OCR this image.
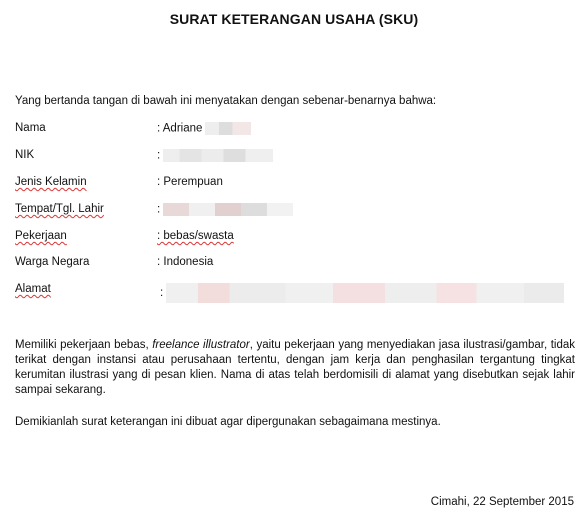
SURAT KETERANGAN USAHA (SKU)
Yang bertanda tangan di bawah ini menyatakan dengan sebenar-benarnya bahwa:
Nama	: Adriane
NIK	:
Jenis Kelamin	: Perempuan
Tempat/Tgl. Lahir	:
Pekerjaan	: bebas/swasta
Warga Negara	: Indonesia
Alamat	:
Memiliki pekerjaan bebas, freelance illustrator, yaitu pekerjaan yang menyediakan jasa ilustrasi/gambar, tidak terikat dengan instansi atau perusahaan tertentu, dengan jam kerja dan penghasilan tergantung tingkat kerumitan ilustrasi yang di pesan klien. Nama di atas telah berdomisili di alamat yang disebutkan sejak lahir sampai sekarang.
Demikianlah surat keterangan ini dibuat agar dipergunakan sebagaimana mestinya.
Cimahi, 22 September 2015
